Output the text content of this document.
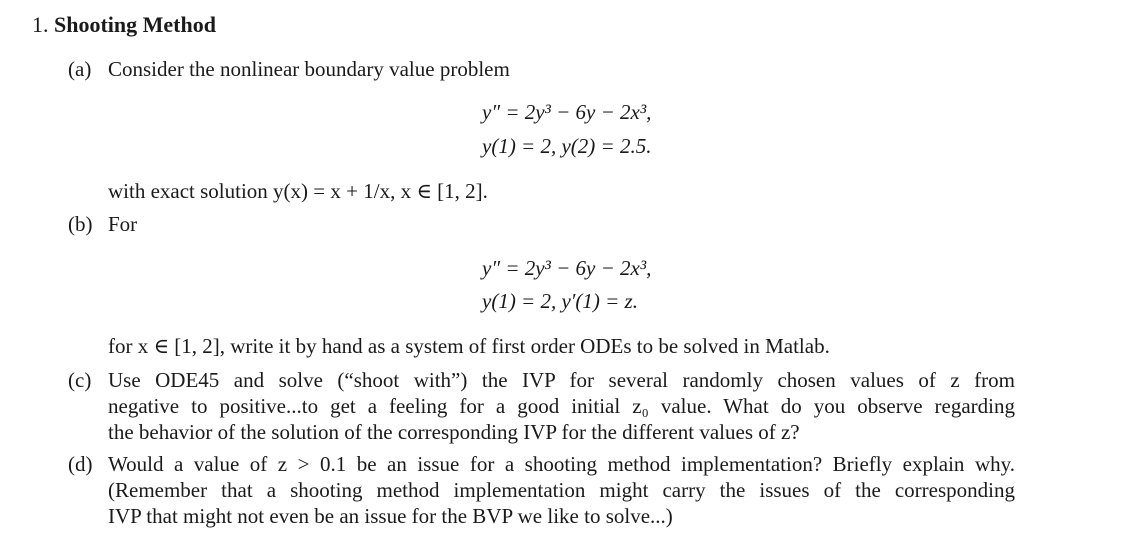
1. Shooting Method
(a) Consider the nonlinear boundary value problem
y″ = 2y³ − 6y − 2x³,
y(1) = 2, y(2) = 2.5.
with exact solution y(x) = x + 1/x, x ∈ [1, 2].
(b) For
y″ = 2y³ − 6y − 2x³,
y(1) = 2, y′(1) = z.
for x ∈ [1, 2], write it by hand as a system of first order ODEs to be solved in Matlab.
(c) Use ODE45 and solve (“shoot with”) the IVP for several randomly chosen values of z from
negative to positive...to get a feeling for a good initial z₀ value. What do you observe regarding
the behavior of the solution of the corresponding IVP for the different values of z?
(d) Would a value of z > 0.1 be an issue for a shooting method implementation? Briefly explain why.
(Remember that a shooting method implementation might carry the issues of the corresponding
IVP that might not even be an issue for the BVP we like to solve...)
